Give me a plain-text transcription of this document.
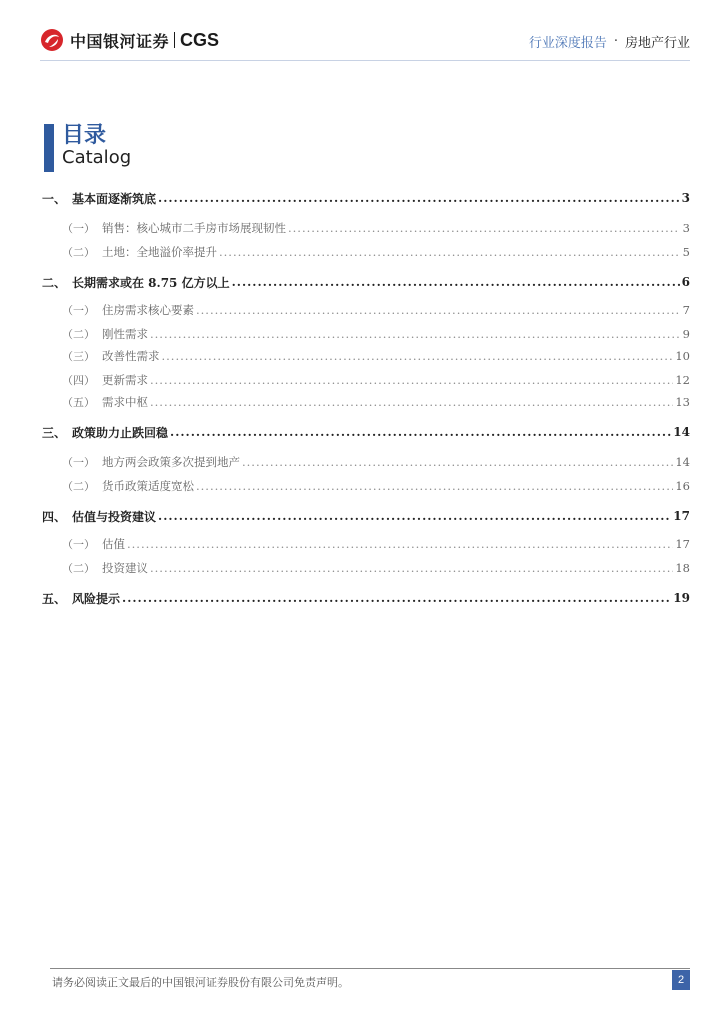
中国银河证券 CGS	行业深度报告 · 房地产行业
目录
Catalog
一、 基本面逐渐筑底 .....	3
（一） 销售：核心城市二手房市场展现韧性 .....	3
（二） 土地：全地溢价率提升 .....	5
二、 长期需求或在 8.75 亿方以上 .....	6
（一） 住房需求核心要素 .....	7
（二） 刚性需求 .....	9
（三） 改善性需求 .....	10
（四） 更新需求 .....	12
（五） 需求中枢 .....	13
三、 政策助力止跌回稳 .....	14
（一） 地方两会政策多次提到地产 .....	14
（二） 货币政策适度宽松 .....	16
四、 估值与投资建议 .....	17
（一） 估值 .....	17
（二） 投资建议 .....	18
五、 风险提示 .....	19
请务必阅读正文最后的中国银河证券股份有限公司免责声明。	2
